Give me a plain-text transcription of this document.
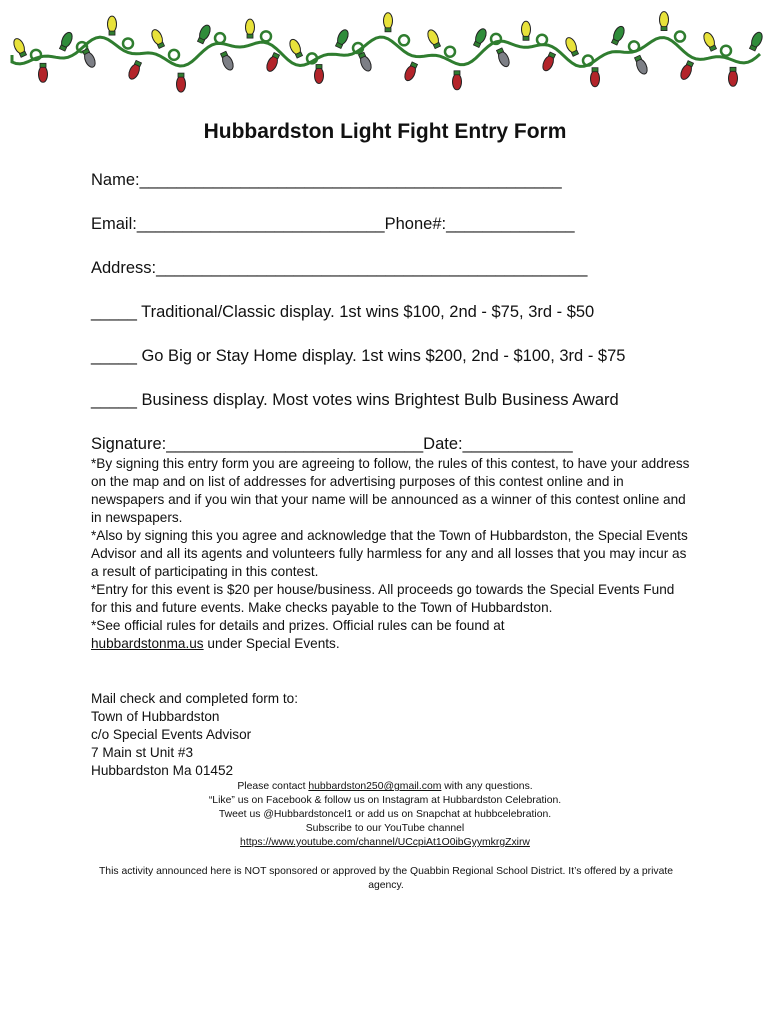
Hubbardston Light Fight Entry Form
Name:______________________________________________
Email:___________________________Phone#:______________
Address:_______________________________________________
_____ Traditional/Classic display. 1st wins $100, 2nd - $75, 3rd - $50
_____ Go Big or Stay Home display. 1st wins $200, 2nd - $100, 3rd - $75
_____ Business display. Most votes wins Brightest Bulb Business Award
Signature:____________________________Date:____________

*By signing this entry form you are agreeing to follow, the rules of this contest, to have your address on the map and on list of addresses for advertising purposes of this contest online and in newspapers and if you win that your name will be announced as a winner of this contest online and in newspapers.

*Also by signing this you agree and acknowledge that the Town of Hubbardston, the Special Events Advisor and all its agents and volunteers fully harmless for any and all losses that you may incur as a result of participating in this contest.

*Entry for this event is $20 per house/business. All proceeds go towards the Special Events Fund for this and future events. Make checks payable to the Town of Hubbardston.

*See official rules for details and prizes. Official rules can be found at
hubbardstonma.us under Special Events.

Mail check and completed form to:

Town of Hubbardston

c/o Special Events Advisor

7 Main st Unit #3

Hubbardston Ma 01452

Please contact hubbardston250@gmail.com with any questions.
“Like” us on Facebook & follow us on Instagram at Hubbardston Celebration.
Tweet us @Hubbardstoncel1 or add us on Snapchat at hubbcelebration.
Subscribe to our YouTube channel
https://www.youtube.com/channel/UCcpiAt1O0ibGyymkrgZxirw
This activity announced here is NOT sponsored or approved by the Quabbin Regional School District. It’s offered by a private agency.
